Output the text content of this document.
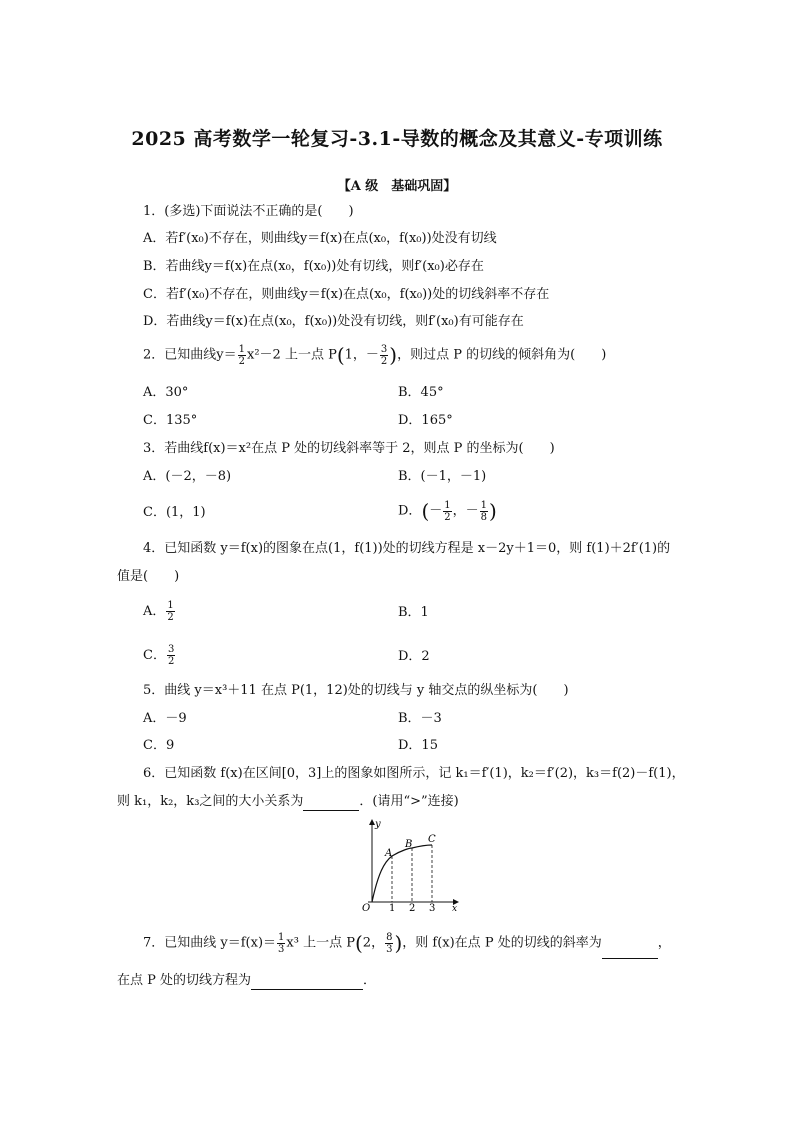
2025 高考数学一轮复习-3.1-导数的概念及其意义-专项训练
【A 级　基础巩固】
1．(多选)下面说法不正确的是(　　)
A．若f′(x₀)不存在，则曲线y＝f(x)在点(x₀，f(x₀))处没有切线
B．若曲线y＝f(x)在点(x₀，f(x₀))处有切线，则f′(x₀)必存在
C．若f′(x₀)不存在，则曲线y＝f(x)在点(x₀，f(x₀))处的切线斜率不存在
D．若曲线y＝f(x)在点(x₀，f(x₀))处没有切线，则f′(x₀)有可能存在
2．已知曲线$y= \frac{1}{2} x^2-2$ 上一点 P(1，－ $\frac{3}{2}$ )，则过点 P 的切线的倾斜角为(　　)
A．30°	B．45°
C．135°	D．165°
3．若曲线f(x)＝x²在点 P 处的切线斜率等于 2，则点 P 的坐标为(　　)
A．(－2，－8)	B．(－1，－1)
C．(1，1)	D．(－ $\frac{1}{2}$ ，－ $\frac{1}{8}$ )
4．已知函数 y＝f(x)的图象在点(1，f(1))处的切线方程是 x－2y＋1＝0，则 f(1)＋2f′(1)的
值是(　　)
A． $\frac{1}{2}$	B．1
C． $\frac{3}{2}$	D．2
5．曲线 y＝x³＋11 在点 P(1，12)处的切线与 y 轴交点的纵坐标为(　　)
A．－9	B．－3
C．9	D．15
6．已知函数 f(x)在区间[0，3]上的图象如图所示，记 k₁＝f′(1)，k₂＝f′(2)，k₃＝f(2)－f(1)，
则 k₁，k₂，k₃之间的大小关系为	．(请用“>”连接)
y
x
O 1 2 3
A
B C
7．已知曲线 $y=f(x)= \frac{1}{3} x^3$ 上一点 P(2， $\frac{8}{3}$ )，则 f(x)在点 P 处的切线的斜率为	，
在点 P 处的切线方程为	．
